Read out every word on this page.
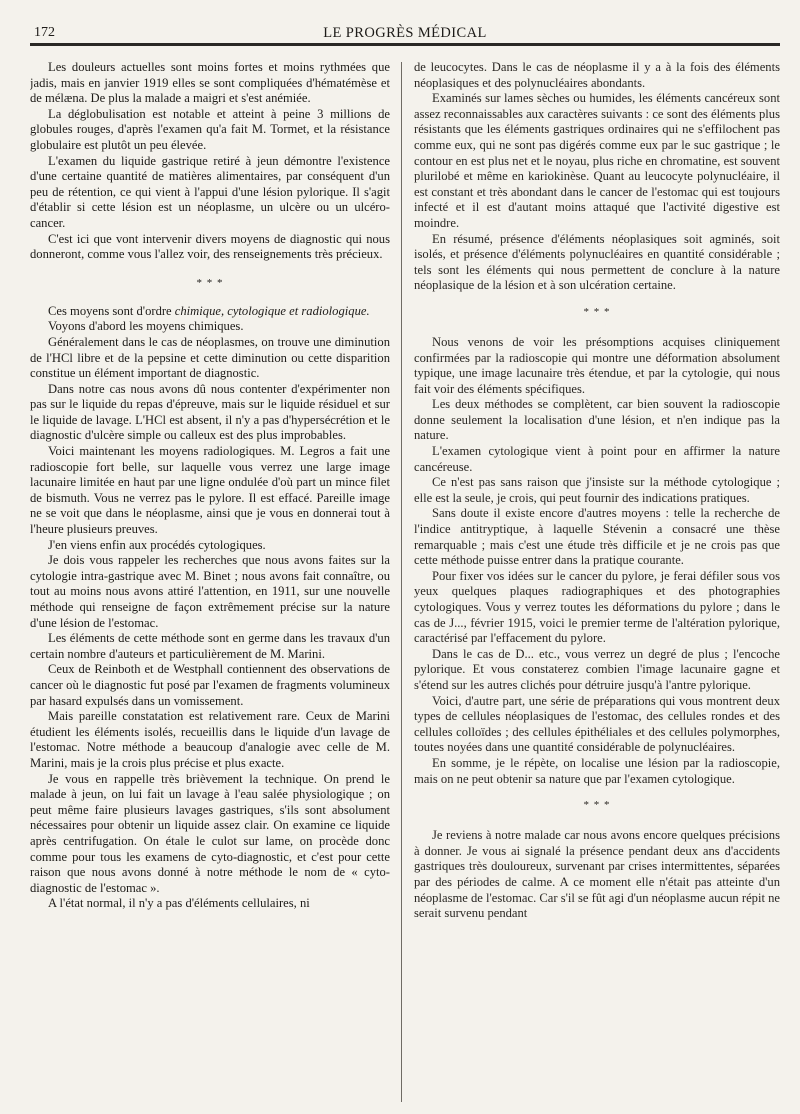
172	LE PROGRÈS MÉDICAL

Les douleurs actuelles sont moins fortes et moins rythmées que jadis, mais en janvier 1919 elles se sont compliquées d'hématémèse et de mélæna. De plus la malade a maigri et s'est anémiée.

La déglobulisation est notable et atteint à peine 3 millions de globules rouges, d'après l'examen qu'a fait M. Tormet, et la résistance globulaire est plutôt un peu élevée.

L'examen du liquide gastrique retiré à jeun démontre l'existence d'une certaine quantité de matières alimentaires, par conséquent d'un peu de rétention, ce qui vient à l'appui d'une lésion pylorique. Il s'agit d'établir si cette lésion est un néoplasme, un ulcère ou un ulcéro-cancer.

C'est ici que vont intervenir divers moyens de diagnostic qui nous donneront, comme vous l'allez voir, des renseignements très précieux.

* * *

Ces moyens sont d'ordre chimique, cytologique et radiologique.

Voyons d'abord les moyens chimiques.

Généralement dans le cas de néoplasmes, on trouve une diminution de l'HCl libre et de la pepsine et cette diminution ou cette disparition constitue un élément important de diagnostic.

Dans notre cas nous avons dû nous contenter d'expérimenter non pas sur le liquide du repas d'épreuve, mais sur le liquide résiduel et sur le liquide de lavage. L'HCl est absent, il n'y a pas d'hypersécrétion et le diagnostic d'ulcère simple ou calleux est des plus improbables.

Voici maintenant les moyens radiologiques. M. Legros a fait une radioscopie fort belle, sur laquelle vous verrez une large image lacunaire limitée en haut par une ligne ondulée d'où part un mince filet de bismuth. Vous ne verrez pas le pylore. Il est effacé. Pareille image ne se voit que dans le néoplasme, ainsi que je vous en donnerai tout à l'heure plusieurs preuves.

J'en viens enfin aux procédés cytologiques.

Je dois vous rappeler les recherches que nous avons faites sur la cytologie intra-gastrique avec M. Binet ; nous avons fait connaître, ou tout au moins nous avons attiré l'attention, en 1911, sur une nouvelle méthode qui renseigne de façon extrêmement précise sur la nature d'une lésion de l'estomac.

Les éléments de cette méthode sont en germe dans les travaux d'un certain nombre d'auteurs et particulièrement de M. Marini.

Ceux de Reinboth et de Westphall contiennent des observations de cancer où le diagnostic fut posé par l'examen de fragments volumineux par hasard expulsés dans un vomissement.

Mais pareille constatation est relativement rare. Ceux de Marini étudient les éléments isolés, recueillis dans le liquide d'un lavage de l'estomac. Notre méthode a beaucoup d'analogie avec celle de M. Marini, mais je la crois plus précise et plus exacte.

Je vous en rappelle très brièvement la technique. On prend le malade à jeun, on lui fait un lavage à l'eau salée physiologique ; on peut même faire plusieurs lavages gastriques, s'ils sont absolument nécessaires pour obtenir un liquide assez clair. On examine ce liquide après centrifugation. On étale le culot sur lame, on procède donc comme pour tous les examens de cyto-diagnostic, et c'est pour cette raison que nous avons donné à notre méthode le nom de « cyto-diagnostic de l'estomac ».

A l'état normal, il n'y a pas d'éléments cellulaires, ni

de leucocytes. Dans le cas de néoplasme il y a à la fois des éléments néoplasiques et des polynucléaires abondants.

Examinés sur lames sèches ou humides, les éléments cancéreux sont assez reconnaissables aux caractères suivants : ce sont des éléments plus résistants que les éléments gastriques ordinaires qui ne s'effilochent pas comme eux, qui ne sont pas digérés comme eux par le suc gastrique ; le contour en est plus net et le noyau, plus riche en chromatine, est souvent plurilobé et même en kariokinèse. Quant au leucocyte polynucléaire, il est constant et très abondant dans le cancer de l'estomac qui est toujours infecté et il est d'autant moins attaqué que l'activité digestive est moindre.

En résumé, présence d'éléments néoplasiques soit agminés, soit isolés, et présence d'éléments polynucléaires en quantité considérable ; tels sont les éléments qui nous permettent de conclure à la nature néoplasique de la lésion et à son ulcération certaine.

* * *

Nous venons de voir les présomptions acquises cliniquement confirmées par la radioscopie qui montre une déformation absolument typique, une image lacunaire très étendue, et par la cytologie, qui nous fait voir des éléments spécifiques.

Les deux méthodes se complètent, car bien souvent la radioscopie donne seulement la localisation d'une lésion, et n'en indique pas la nature.

L'examen cytologique vient à point pour en affirmer la nature cancéreuse.

Ce n'est pas sans raison que j'insiste sur la méthode cytologique ; elle est la seule, je crois, qui peut fournir des indications pratiques.

Sans doute il existe encore d'autres moyens : telle la recherche de l'indice antitryptique, à laquelle Stévenin a consacré une thèse remarquable ; mais c'est une étude très difficile et je ne crois pas que cette méthode puisse entrer dans la pratique courante.

Pour fixer vos idées sur le cancer du pylore, je ferai défiler sous vos yeux quelques plaques radiographiques et des photographies cytologiques. Vous y verrez toutes les déformations du pylore ; dans le cas de J..., février 1915, voici le premier terme de l'altération pylorique, caractérisé par l'effacement du pylore.

Dans le cas de D... etc., vous verrez un degré de plus ; l'encoche pylorique. Et vous constaterez combien l'image lacunaire gagne et s'étend sur les autres clichés pour détruire jusqu'à l'antre pylorique.

Voici, d'autre part, une série de préparations qui vous montrent deux types de cellules néoplasiques de l'estomac, des cellules rondes et des cellules colloïdes ; des cellules épithéliales et des cellules polymorphes, toutes noyées dans une quantité considérable de polynucléaires.

En somme, je le répète, on localise une lésion par la radioscopie, mais on ne peut obtenir sa nature que par l'examen cytologique.

* * *

Je reviens à notre malade car nous avons encore quelques précisions à donner. Je vous ai signalé la présence pendant deux ans d'accidents gastriques très douloureux, survenant par crises intermittentes, séparées par des périodes de calme. A ce moment elle n'était pas atteinte d'un néoplasme de l'estomac. Car s'il se fût agi d'un néoplasme aucun répit ne serait survenu pendant
